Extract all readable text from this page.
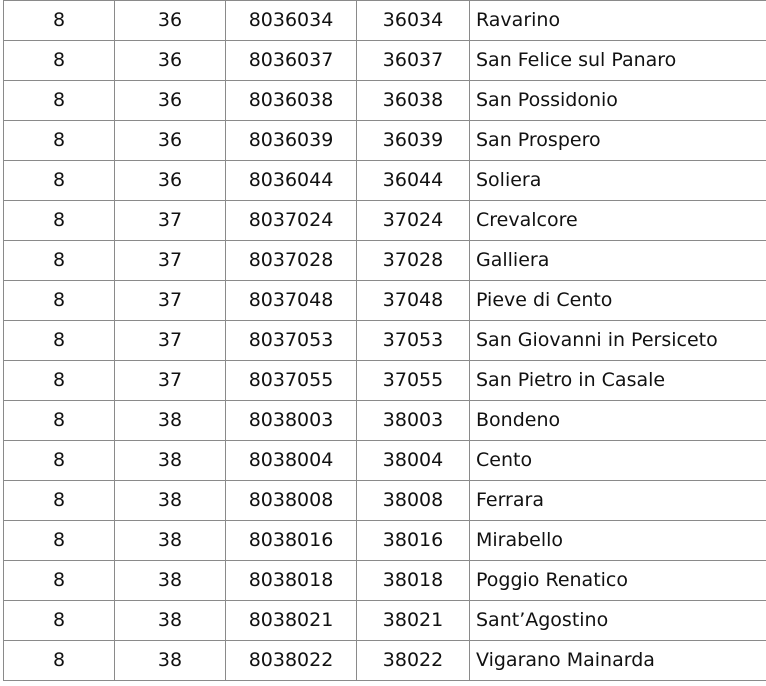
8	36	8036034	36034	Ravarino
8	36	8036037	36037	San Felice sul Panaro
8	36	8036038	36038	San Possidonio
8	36	8036039	36039	San Prospero
8	36	8036044	36044	Soliera
8	37	8037024	37024	Crevalcore
8	37	8037028	37028	Galliera
8	37	8037048	37048	Pieve di Cento
8	37	8037053	37053	San Giovanni in Persiceto
8	37	8037055	37055	San Pietro in Casale
8	38	8038003	38003	Bondeno
8	38	8038004	38004	Cento
8	38	8038008	38008	Ferrara
8	38	8038016	38016	Mirabello
8	38	8038018	38018	Poggio Renatico
8	38	8038021	38021	Sant’Agostino
8	38	8038022	38022	Vigarano Mainarda
